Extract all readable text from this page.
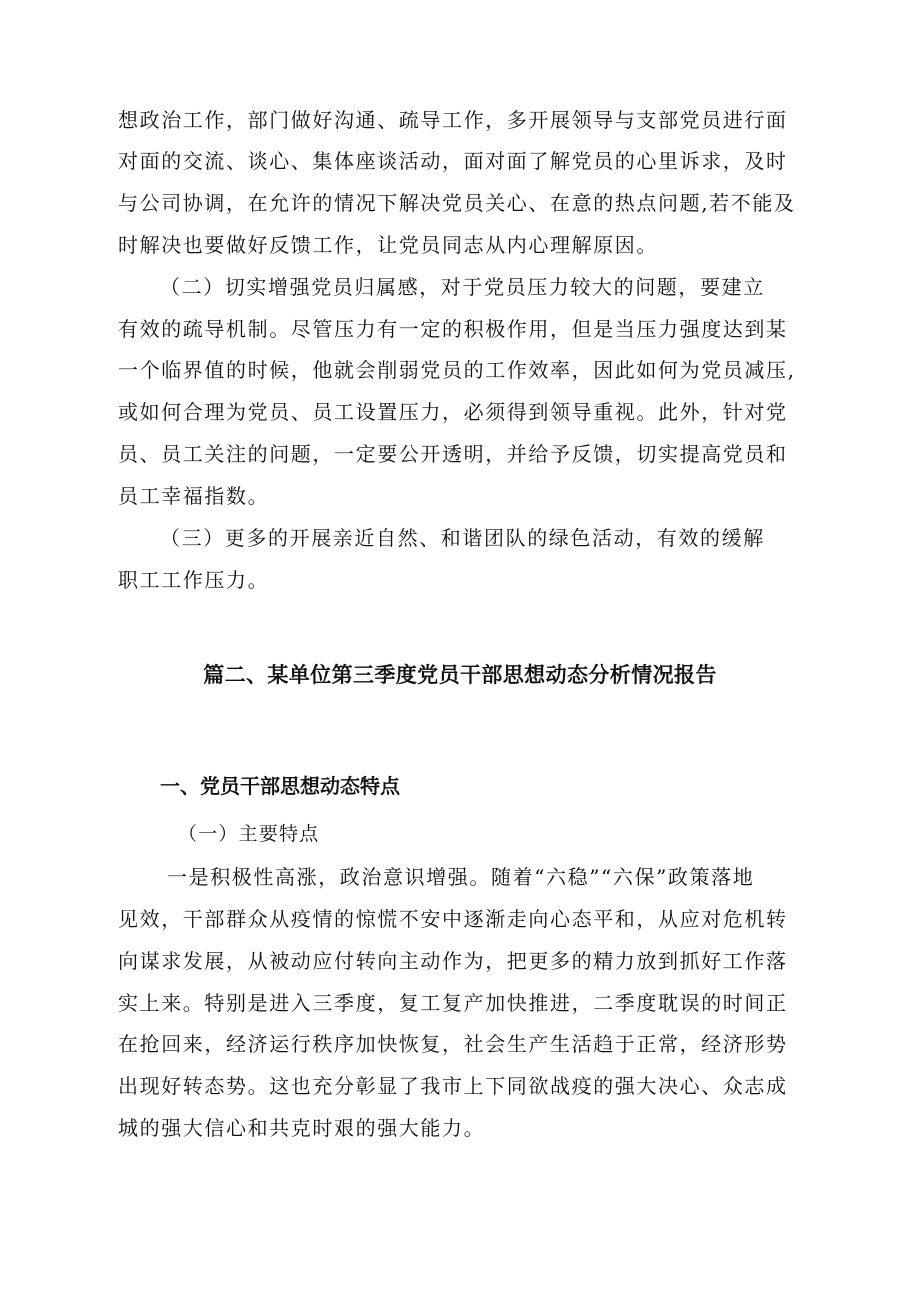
想政治工作，部门做好沟通、疏导工作，多开展领导与支部党员进行面
对面的交流、谈心、集体座谈活动，面对面了解党员的心里诉求，及时
与公司协调，在允许的情况下解决党员关心、在意的热点问题,若不能及
时解决也要做好反馈工作，让党员同志从内心理解原因。
（二）切实增强党员归属感，对于党员压力较大的问题，要建立
有效的疏导机制。尽管压力有一定的积极作用，但是当压力强度达到某
一个临界值的时候，他就会削弱党员的工作效率，因此如何为党员减压,
或如何合理为党员、员工设置压力，必须得到领导重视。此外，针对党
员、员工关注的问题，一定要公开透明，并给予反馈，切实提高党员和
员工幸福指数。
（三）更多的开展亲近自然、和谐团队的绿色活动，有效的缓解
职工工作压力。
篇二、某单位第三季度党员干部思想动态分析情况报告
一、党员干部思想动态特点
（一）主要特点
一是积极性高涨，政治意识增强。随着“六稳”“六保”政策落地
见效，干部群众从疫情的惊慌不安中逐渐走向心态平和，从应对危机转
向谋求发展，从被动应付转向主动作为，把更多的精力放到抓好工作落
实上来。特别是进入三季度，复工复产加快推进，二季度耽误的时间正
在抢回来，经济运行秩序加快恢复，社会生产生活趋于正常，经济形势
出现好转态势。这也充分彰显了我市上下同欲战疫的强大决心、众志成
城的强大信心和共克时艰的强大能力。
